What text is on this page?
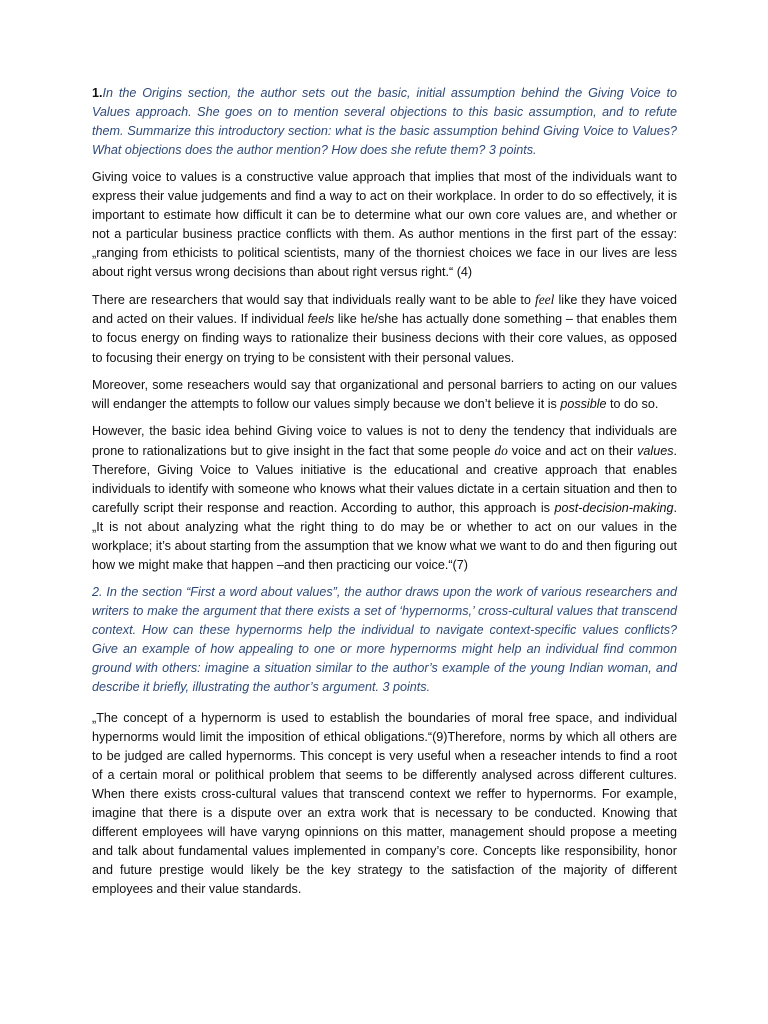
1.In the Origins section, the author sets out the basic, initial assumption behind the Giving Voice to Values approach. She goes on to mention several objections to this basic assumption, and to refute them. Summarize this introductory section: what is the basic assumption behind Giving Voice to Values? What objections does the author mention? How does she refute them? 3 points.

Giving voice to values is a constructive value approach that implies that most of the individuals want to express their value judgements and find a way to act on their workplace. In order to do so effectively, it is important to estimate how difficult it can be to determine what our own core values are, and whether or not a particular business practice conflicts with them. As author mentions in the first part of the essay: „ranging from ethicists to political scientists, many of the thorniest choices we face in our lives are less about right versus wrong decisions than about right versus right.“ (4)

There are researchers that would say that individuals really want to be able to feel like they have voiced and acted on their values. If individual feels like he/she has actually done something – that enables them to focus energy on finding ways to rationalize their business decions with their core values, as opposed to focusing their energy on trying to be consistent with their personal values.

Moreover, some reseachers would say that organizational and personal barriers to acting on our values will endanger the attempts to follow our values simply because we don’t believe it is possible to do so.

However, the basic idea behind Giving voice to values is not to deny the tendency that individuals are prone to rationalizations but to give insight in the fact that some people do voice and act on their values. Therefore, Giving Voice to Values initiative is the educational and creative approach that enables individuals to identify with someone who knows what their values dictate in a certain situation and then to carefully script their response and reaction. According to author, this approach is post-decision-making. „It is not about analyzing what the right thing to do may be or whether to act on our values in the workplace; it’s about starting from the assumption that we know what we want to do and then figuring out how we might make that happen –and then practicing our voice.“(7)

2. In the section “First a word about values”, the author draws upon the work of various researchers and writers to make the argument that there exists a set of ‘hypernorms,’ cross-cultural values that transcend context. How can these hypernorms help the individual to navigate context-specific values conflicts? Give an example of how appealing to one or more hypernorms might help an individual find common ground with others: imagine a situation similar to the author’s example of the young Indian woman, and describe it briefly, illustrating the author’s argument. 3 points.

„The concept of a hypernorm is used to establish the boundaries of moral free space, and individual hypernorms would limit the imposition of ethical obligations.“(9)Therefore, norms by which all others are to be judged are called hypernorms. This concept is very useful when a reseacher intends to find a root of a certain moral or polithical problem that seems to be differently analysed across different cultures. When there exists cross-cultural values that transcend context we reffer to hypernorms. For example, imagine that there is a dispute over an extra work that is necessary to be conducted. Knowing that different employees will have varyng opinnions on this matter, management should propose a meeting and talk about fundamental values implemented in company’s core. Concepts like responsibility, honor and future prestige would likely be the key strategy to the satisfaction of the majority of different employees and their value standards.
